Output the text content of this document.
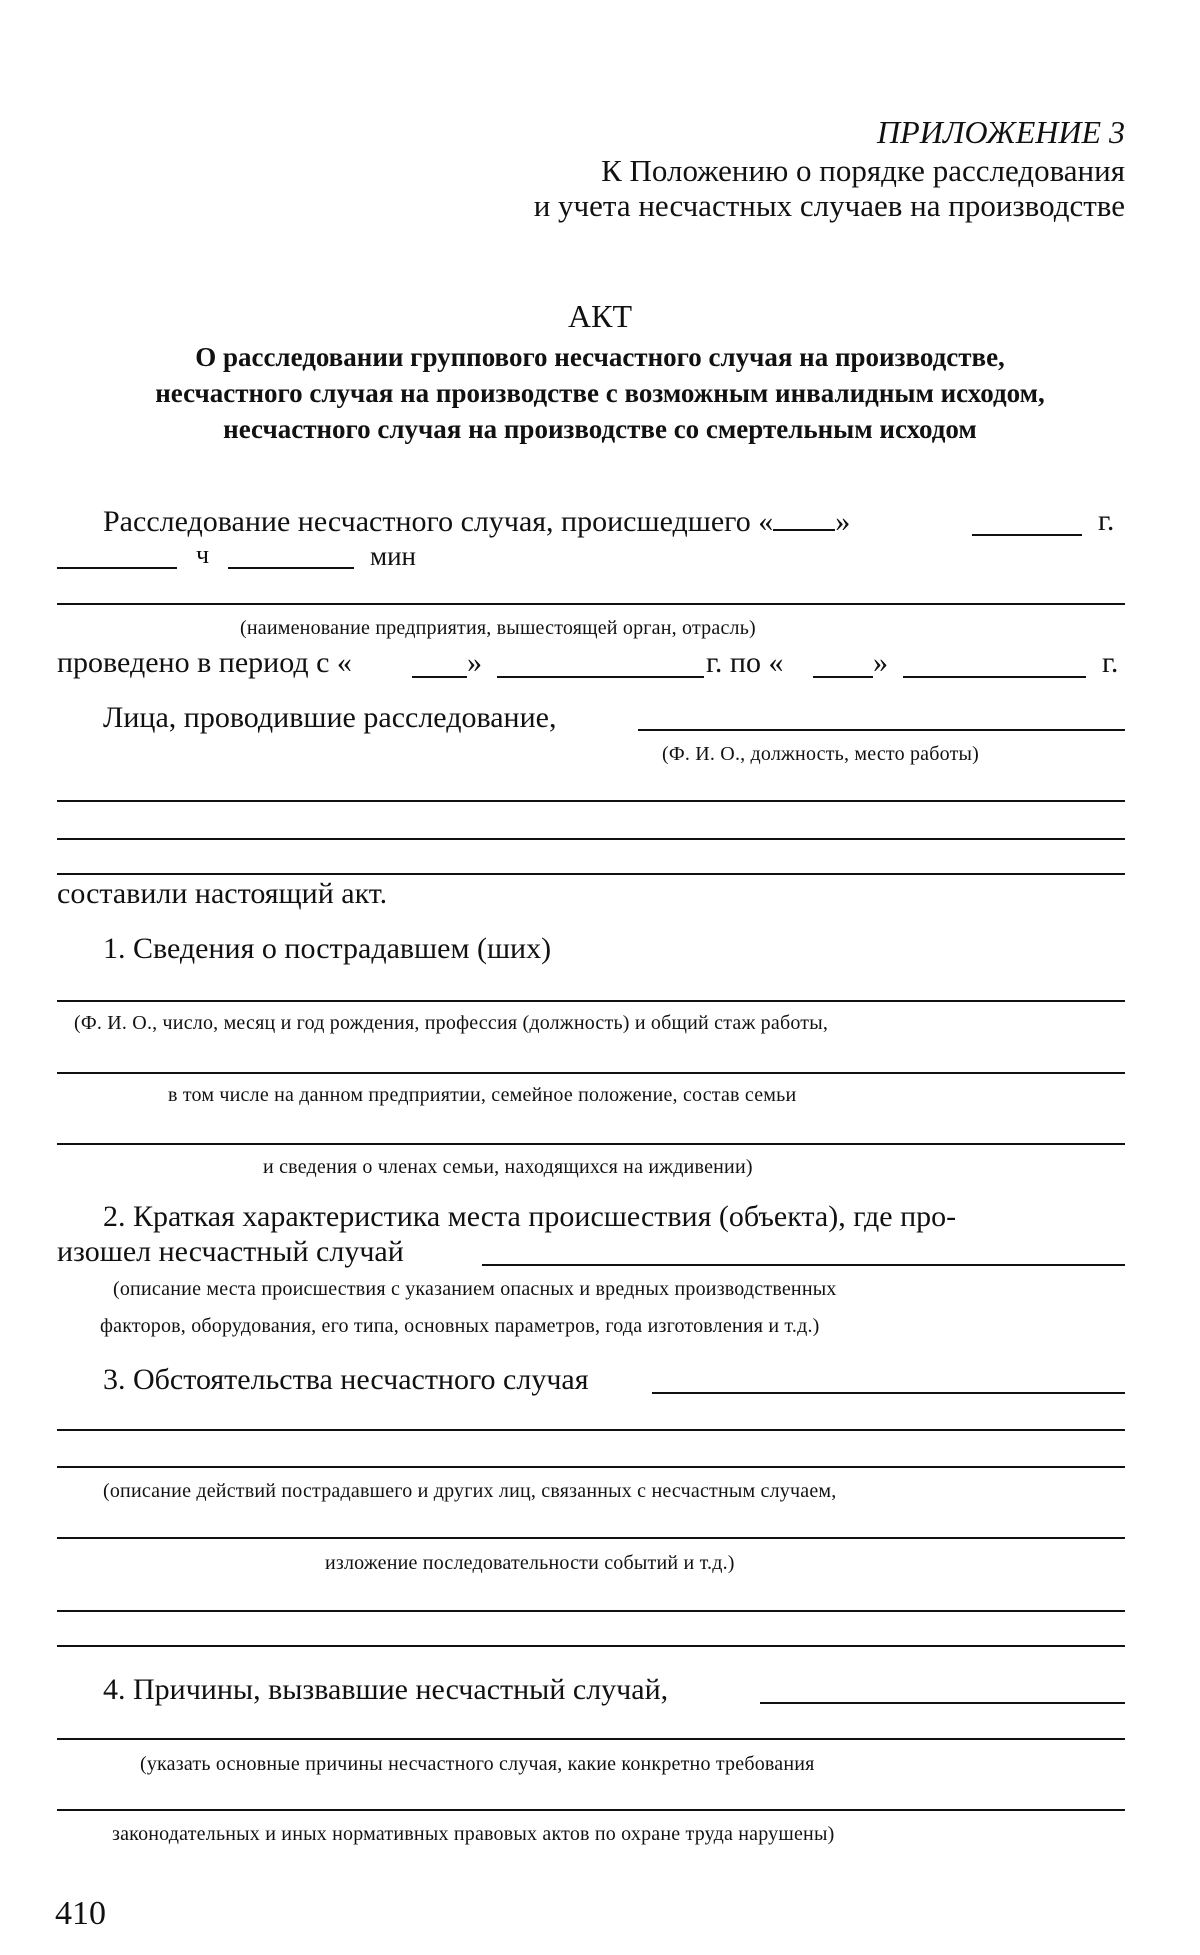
ПРИЛОЖЕНИЕ 3
К Положению о порядке расследования
и учета несчастных случаев на производстве
АКТ
О расследовании группового несчастного случая на производстве,
несчастного случая на производстве с возможным инвалидным исходом,
несчастного случая на производстве со смертельным исходом
Расследование несчастного случая, происшедшего « »	г.
ч	мин
(наименование предприятия, вышестоящей орган, отрасль)
проведено в период с «	»	г. по «	»	г.
Лица, проводившие расследование,
(Ф. И. О., должность, место работы)
составили настоящий акт.
1. Сведения о пострадавшем (ших)
(Ф. И. О., число, месяц и год рождения, профессия (должность) и общий стаж работы,
в том числе на данном предприятии, семейное положение, состав семьи
и сведения о членах семьи, находящихся на иждивении)
2. Краткая характеристика места происшествия (объекта), где про-
изошел несчастный случай
(описание места происшествия с указанием опасных и вредных производственных
факторов, оборудования, его типа, основных параметров, года изготовления и т.д.)
3. Обстоятельства несчастного случая
(описание действий пострадавшего и других лиц, связанных с несчастным случаем,
изложение последовательности событий и т.д.)
4. Причины, вызвавшие несчастный случай,
(указать основные причины несчастного случая, какие конкретно требования
законодательных и иных нормативных правовых актов по охране труда нарушены)
410
